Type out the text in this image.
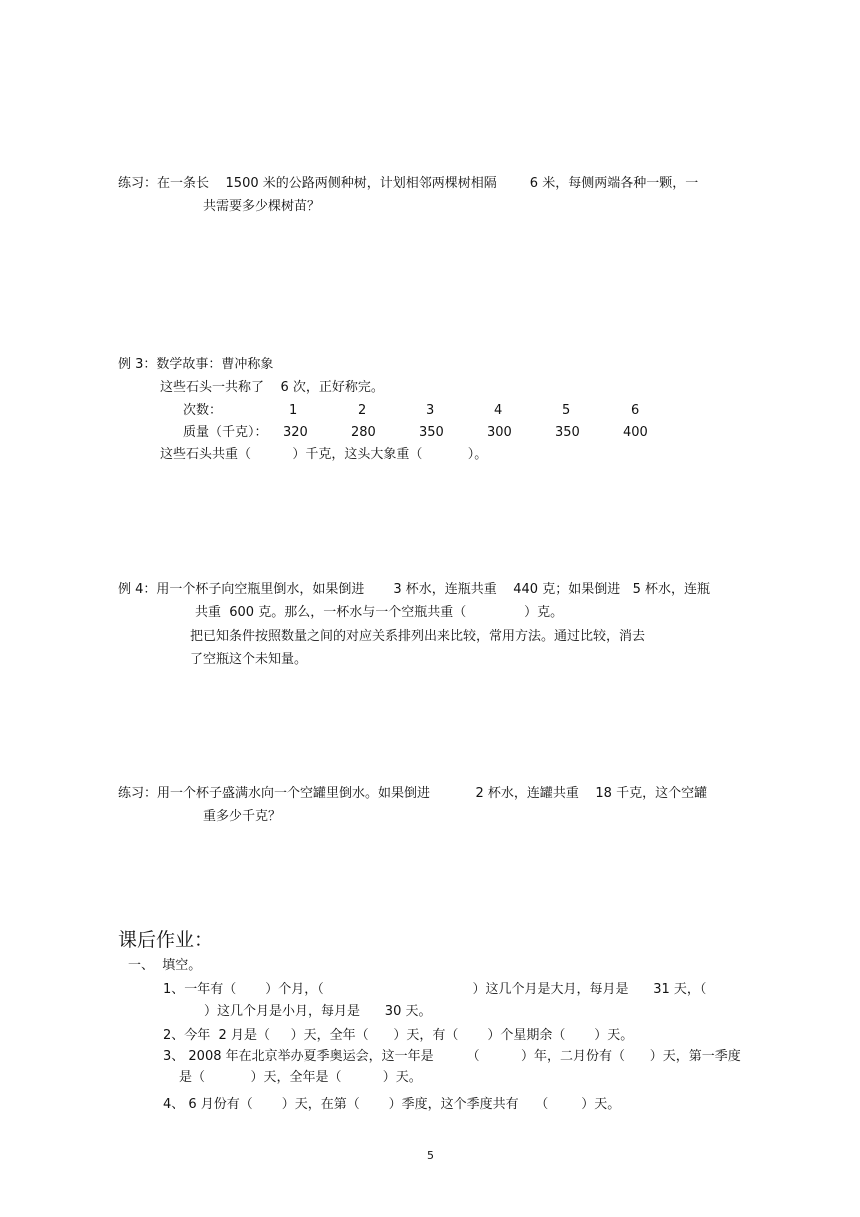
练习：在一条长    1500 米的公路两侧种树，计划相邻两棵树相隔        6 米，每侧两端各种一颗，一
共需要多少棵树苗？
例 3：数学故事：曹冲称象
这些石头一共称了    6 次，正好称完。
次数：	1	2	3	4	5	6
质量（千克）： 320	280	350	300	350	400
这些石头共重（          ）千克，这头大象重（           ）。
例 4：用一个杯子向空瓶里倒水，如果倒进       3 杯水，连瓶共重    440 克；如果倒进   5 杯水，连瓶
共重  600 克。那么，一杯水与一个空瓶共重（              ）克。
把已知条件按照数量之间的对应关系排列出来比较，常用方法。通过比较，消去
了空瓶这个未知量。
练习：用一个杯子盛满水向一个空罐里倒水。如果倒进           2 杯水，连罐共重    18 千克，这个空罐
重多少千克？
课后作业：
一、  填空。
1、一年有（       ）个月，（                                    ）这几个月是大月，每月是      31 天，（
）这几个月是小月，每月是      30 天。
2、今年  2 月是（     ）天，全年（      ）天，有（       ）个星期余（       ）天。
3、 2008 年在北京举办夏季奥运会，这一年是        （          ）年，二月份有（      ）天，第一季度
是（           ）天，全年是（          ）天。
4、 6 月份有（       ）天，在第（       ）季度，这个季度共有    （        ）天。
5
